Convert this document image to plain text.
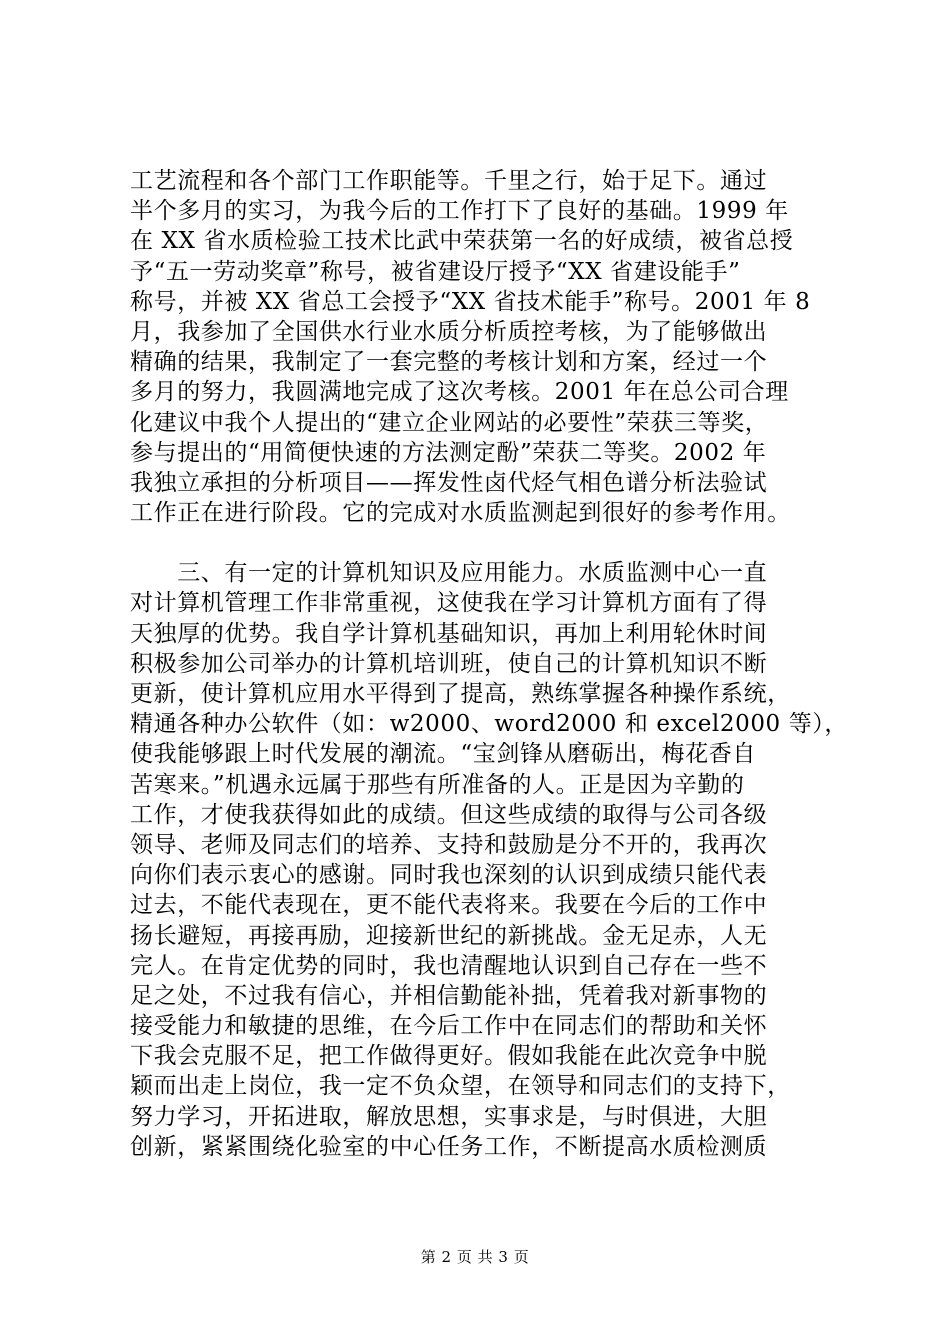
工艺流程和各个部门工作职能等。千里之行，始于足下。通过
半个多月的实习，为我今后的工作打下了良好的基础。1999 年
在 XX 省水质检验工技术比武中荣获第一名的好成绩，被省总授
予“五一劳动奖章”称号，被省建设厅授予“XX 省建设能手”
称号，并被 XX 省总工会授予“XX 省技术能手”称号。2001 年 8
月，我参加了全国供水行业水质分析质控考核，为了能够做出
精确的结果，我制定了一套完整的考核计划和方案，经过一个
多月的努力，我圆满地完成了这次考核。2001 年在总公司合理
化建议中我个人提出的“建立企业网站的必要性”荣获三等奖，
参与提出的“用简便快速的方法测定酚”荣获二等奖。2002 年
我独立承担的分析项目——挥发性卤代烃气相色谱分析法验试
工作正在进行阶段。它的完成对水质监测起到很好的参考作用。
　　三、有一定的计算机知识及应用能力。水质监测中心一直
对计算机管理工作非常重视，这使我在学习计算机方面有了得
天独厚的优势。我自学计算机基础知识，再加上利用轮休时间
积极参加公司举办的计算机培训班，使自己的计算机知识不断
更新，使计算机应用水平得到了提高，熟练掌握各种操作系统，
精通各种办公软件（如：w2000、word2000 和 excel2000 等），
使我能够跟上时代发展的潮流。“宝剑锋从磨砺出，梅花香自
苦寒来。”机遇永远属于那些有所准备的人。正是因为辛勤的
工作，才使我获得如此的成绩。但这些成绩的取得与公司各级
领导、老师及同志们的培养、支持和鼓励是分不开的，我再次
向你们表示衷心的感谢。同时我也深刻的认识到成绩只能代表
过去，不能代表现在，更不能代表将来。我要在今后的工作中
扬长避短，再接再励，迎接新世纪的新挑战。金无足赤，人无
完人。在肯定优势的同时，我也清醒地认识到自己存在一些不
足之处，不过我有信心，并相信勤能补拙，凭着我对新事物的
接受能力和敏捷的思维，在今后工作中在同志们的帮助和关怀
下我会克服不足，把工作做得更好。假如我能在此次竞争中脱
颖而出走上岗位，我一定不负众望，在领导和同志们的支持下，
努力学习，开拓进取，解放思想，实事求是，与时俱进，大胆
创新，紧紧围绕化验室的中心任务工作，不断提高水质检测质
第 2 页 共 3 页
